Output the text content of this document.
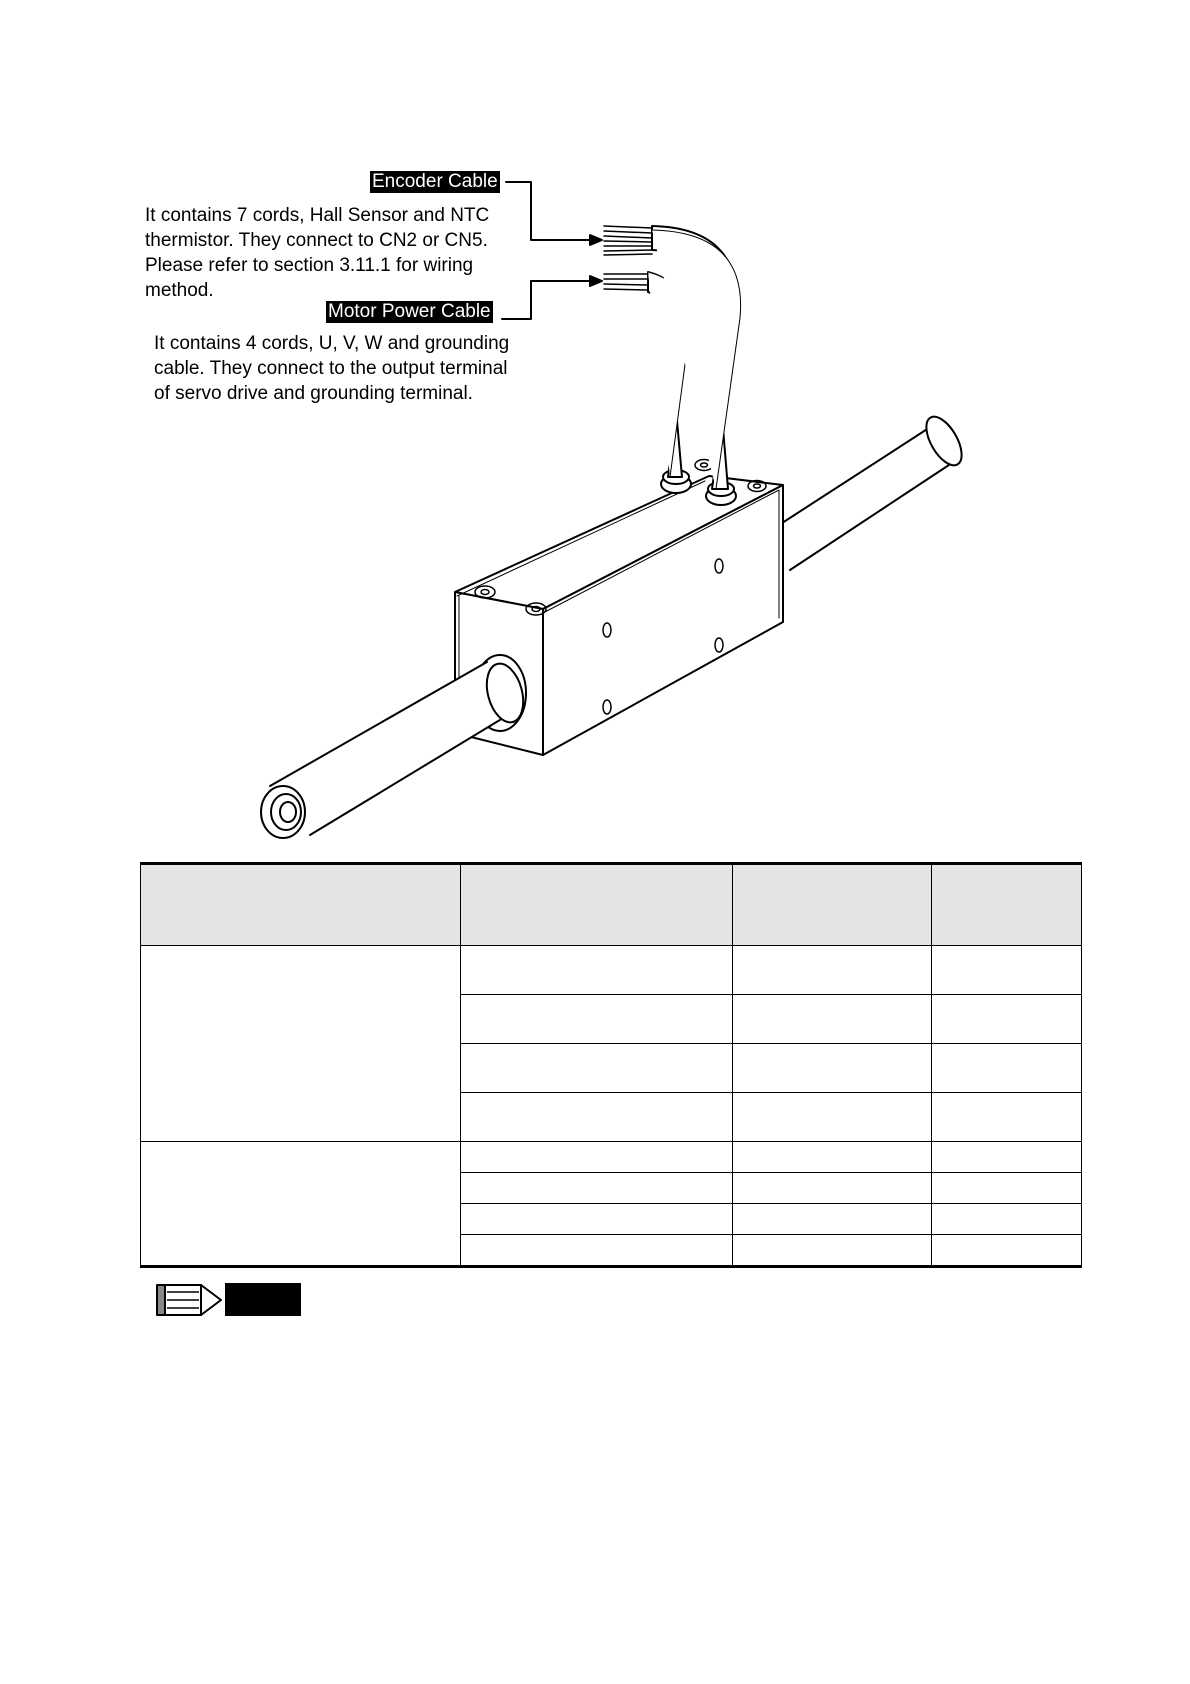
Encoder Cable
It contains 7 cords, Hall Sensor and NTC
thermistor. They connect to CN2 or CN5.
Please refer to section 3.11.1 for wiring
method.
Motor Power Cable
It contains 4 cords, U, V, W and grounding
cable. They connect to the output terminal
of servo drive and grounding terminal.
